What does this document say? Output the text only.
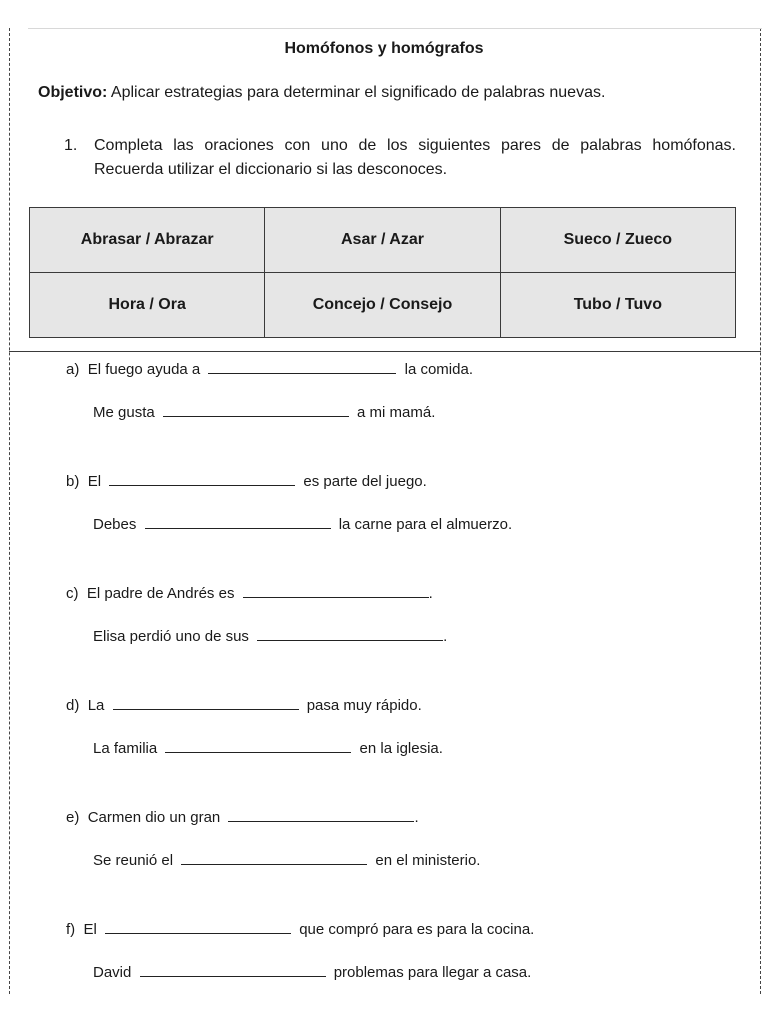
Homófonos y homógrafos
Objetivo: Aplicar estrategias para determinar el significado de palabras nuevas.
1. Completa las oraciones con uno de los siguientes pares de palabras homófonas. Recuerda utilizar el diccionario si las desconoces.
Abrasar / Abrazar	Asar / Azar	Sueco / Zueco
Hora / Ora	Concejo / Consejo	Tubo / Tuvo
a) El fuego ayuda a	la comida.
Me gusta	a mi mamá.
b) El	es parte del juego.
Debes	la carne para el almuerzo.
c) El padre de Andrés es	.
Elisa perdió uno de sus	.
d) La	pasa muy rápido.
La familia	en la iglesia.
e) Carmen dio un gran	.
Se reunió el	en el ministerio.
f) El	que compró para es para la cocina.
David	problemas para llegar a casa.
